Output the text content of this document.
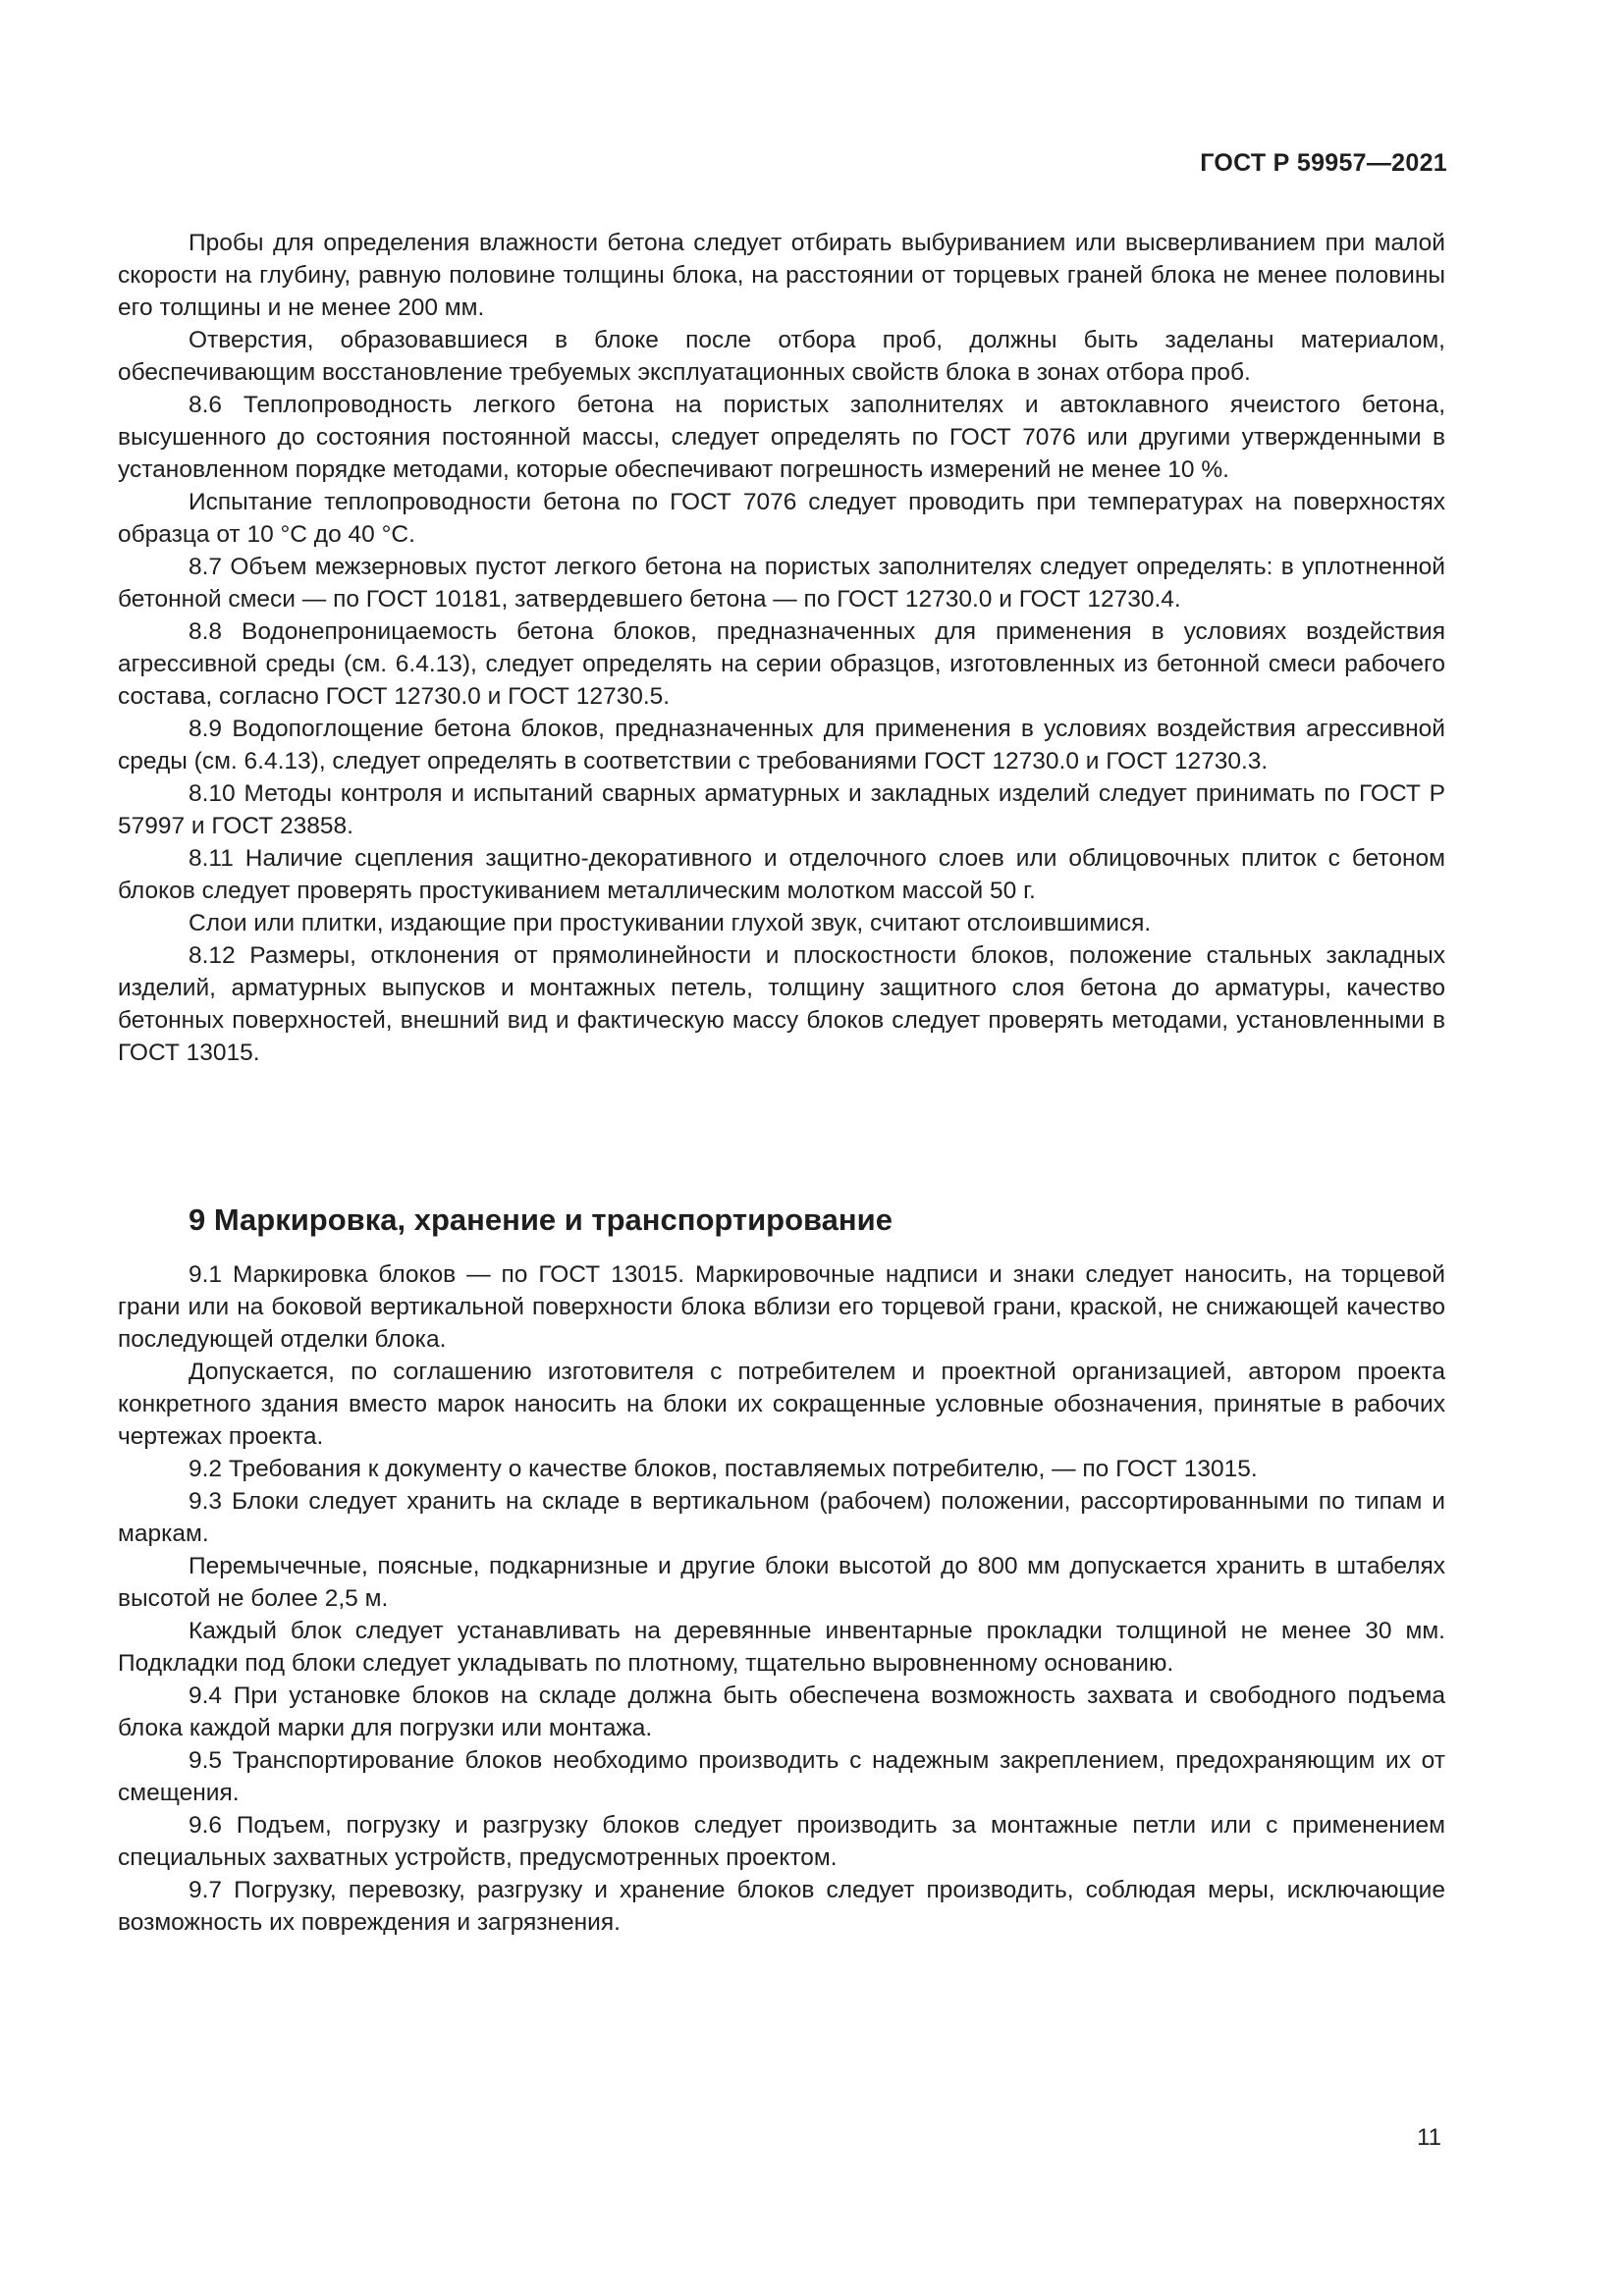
ГОСТ Р 59957—2021

Пробы для определения влажности бетона следует отбирать выбуриванием или высверливанием при малой скорости на глубину, равную половине толщины блока, на расстоянии от торцевых граней блока не менее половины его толщины и не менее 200 мм.

Отверстия, образовавшиеся в блоке после отбора проб, должны быть заделаны материалом, обеспечивающим восстановление требуемых эксплуатационных свойств блока в зонах отбора проб.

8.6 Теплопроводность легкого бетона на пористых заполнителях и автоклавного ячеистого бетона, высушенного до состояния постоянной массы, следует определять по ГОСТ 7076 или другими утвержденными в установленном порядке методами, которые обеспечивают погрешность измерений не менее 10 %.

Испытание теплопроводности бетона по ГОСТ 7076 следует проводить при температурах на поверхностях образца от 10 °С до 40 °С.

8.7 Объем межзерновых пустот легкого бетона на пористых заполнителях следует определять: в уплотненной бетонной смеси — по ГОСТ 10181, затвердевшего бетона — по ГОСТ 12730.0 и ГОСТ 12730.4.

8.8 Водонепроницаемость бетона блоков, предназначенных для применения в условиях воздействия агрессивной среды (см. 6.4.13), следует определять на серии образцов, изготовленных из бетонной смеси рабочего состава, согласно ГОСТ 12730.0 и ГОСТ 12730.5.

8.9 Водопоглощение бетона блоков, предназначенных для применения в условиях воздействия агрессивной среды (см. 6.4.13), следует определять в соответствии с требованиями ГОСТ 12730.0 и ГОСТ 12730.3.

8.10 Методы контроля и испытаний сварных арматурных и закладных изделий следует принимать по ГОСТ Р 57997 и ГОСТ 23858.

8.11 Наличие сцепления защитно-декоративного и отделочного слоев или облицовочных плиток с бетоном блоков следует проверять простукиванием металлическим молотком массой 50 г.

Слои или плитки, издающие при простукивании глухой звук, считают отслоившимися.

8.12 Размеры, отклонения от прямолинейности и плоскостности блоков, положение стальных закладных изделий, арматурных выпусков и монтажных петель, толщину защитного слоя бетона до арматуры, качество бетонных поверхностей, внешний вид и фактическую массу блоков следует проверять методами, установленными в ГОСТ 13015.

9 Маркировка, хранение и транспортирование

9.1 Маркировка блоков — по ГОСТ 13015. Маркировочные надписи и знаки следует наносить, на торцевой грани или на боковой вертикальной поверхности блока вблизи его торцевой грани, краской, не снижающей качество последующей отделки блока.

Допускается, по соглашению изготовителя с потребителем и проектной организацией, автором проекта конкретного здания вместо марок наносить на блоки их сокращенные условные обозначения, принятые в рабочих чертежах проекта.

9.2 Требования к документу о качестве блоков, поставляемых потребителю, — по ГОСТ 13015.

9.3 Блоки следует хранить на складе в вертикальном (рабочем) положении, рассортированными по типам и маркам.

Перемычечные, поясные, подкарнизные и другие блоки высотой до 800 мм допускается хранить в штабелях высотой не более 2,5 м.

Каждый блок следует устанавливать на деревянные инвентарные прокладки толщиной не менее 30 мм. Подкладки под блоки следует укладывать по плотному, тщательно выровненному основанию.

9.4 При установке блоков на складе должна быть обеспечена возможность захвата и свободного подъема блока каждой марки для погрузки или монтажа.

9.5 Транспортирование блоков необходимо производить с надежным закреплением, предохраняющим их от смещения.

9.6 Подъем, погрузку и разгрузку блоков следует производить за монтажные петли или с применением специальных захватных устройств, предусмотренных проектом.

9.7 Погрузку, перевозку, разгрузку и хранение блоков следует производить, соблюдая меры, исключающие возможность их повреждения и загрязнения.

11
